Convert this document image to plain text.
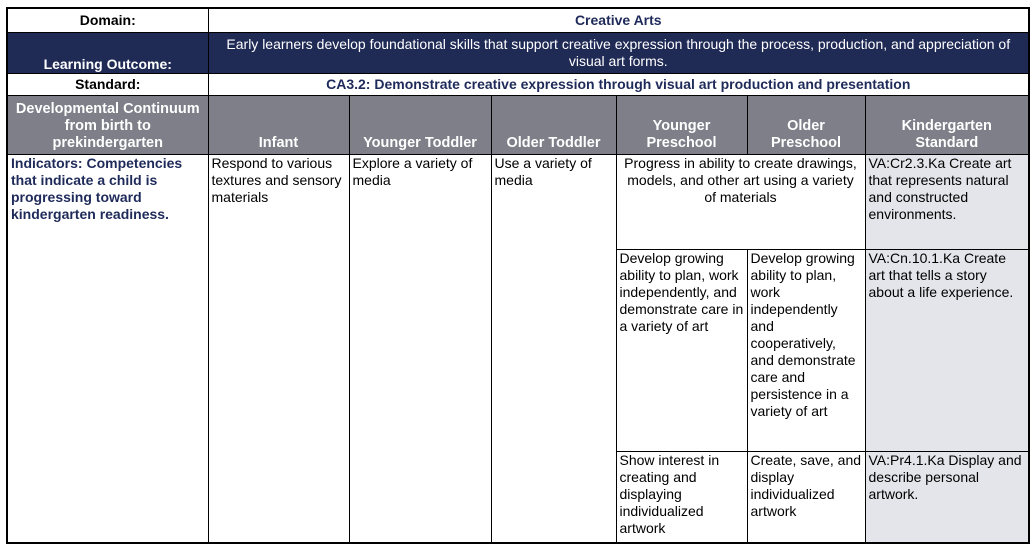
Domain:	Creative Arts					
Learning Outcome:	Early learners develop foundational skills that support creative expression through the process, production, and appreciation of visual art forms.					
Standard:	CA3.2: Demonstrate creative expression through visual art production and presentation					
Developmental Continuum from birth to prekindergarten	Infant	Younger Toddler	Older Toddler	Younger Preschool	Older Preschool	Kindergarten Standard
Indicators: Competencies that indicate a child is progressing toward kindergarten readiness.	Respond to various textures and sensory materials	Explore a variety of media	Use a variety of media	Progress in ability to create drawings, models, and other art using a variety of materials		VA:Cr2.3.Ka Create art that represents natural and constructed environments.
				Develop growing ability to plan, work independently, and demonstrate care in a variety of art	Develop growing ability to plan, work independently and cooperatively, and demonstrate care and persistence in a variety of art	VA:Cn.10.1.Ka Create art that tells a story about a life experience.
				Show interest in creating and displaying individualized artwork	Create, save, and display individualized artwork	VA:Pr4.1.Ka Display and describe personal artwork.
